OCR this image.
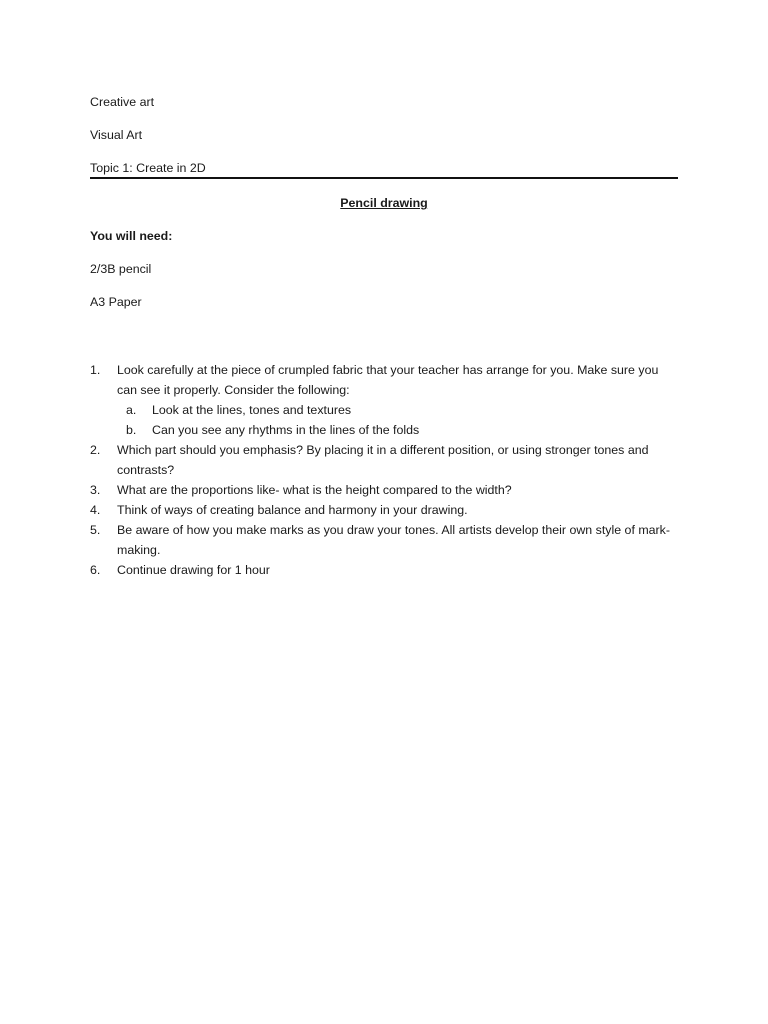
Creative art
Visual Art
Topic 1: Create in 2D
Pencil drawing
You will need:
2/3B pencil
A3 Paper
1. Look carefully at the piece of crumpled fabric that your teacher has arrange for you. Make sure you can see it properly. Consider the following:
a. Look at the lines, tones and textures
b. Can you see any rhythms in the lines of the folds
2. Which part should you emphasis? By placing it in a different position, or using stronger tones and contrasts?
3. What are the proportions like- what is the height compared to the width?
4. Think of ways of creating balance and harmony in your drawing.
5. Be aware of how you make marks as you draw your tones. All artists develop their own style of mark-making.
6. Continue drawing for 1 hour
